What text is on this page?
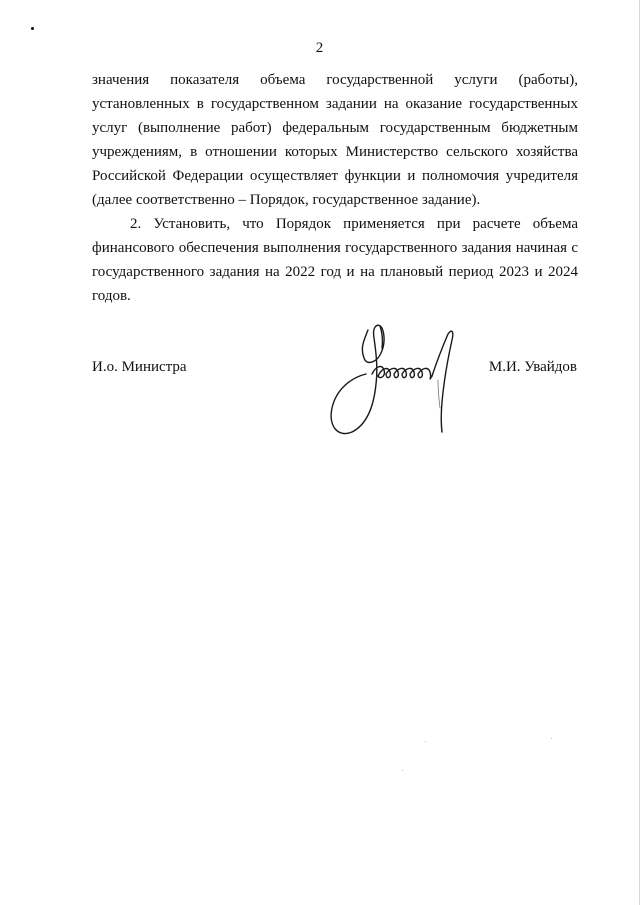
2

значения показателя объема государственной услуги (работы), установленных в государственном задании на оказание государственных услуг (выполнение работ) федеральным государственным бюджетным учреждениям, в отношении которых Министерство сельского хозяйства Российской Федерации осуществляет функции и полномочия учредителя (далее соответственно – Порядок, государственное задание).

2. Установить, что Порядок применяется при расчете объема финансового обеспечения выполнения государственного задания начиная с государственного задания на 2022 год и на плановый период 2023 и 2024 годов.

И.о. Министра	М.И. Увайдов
